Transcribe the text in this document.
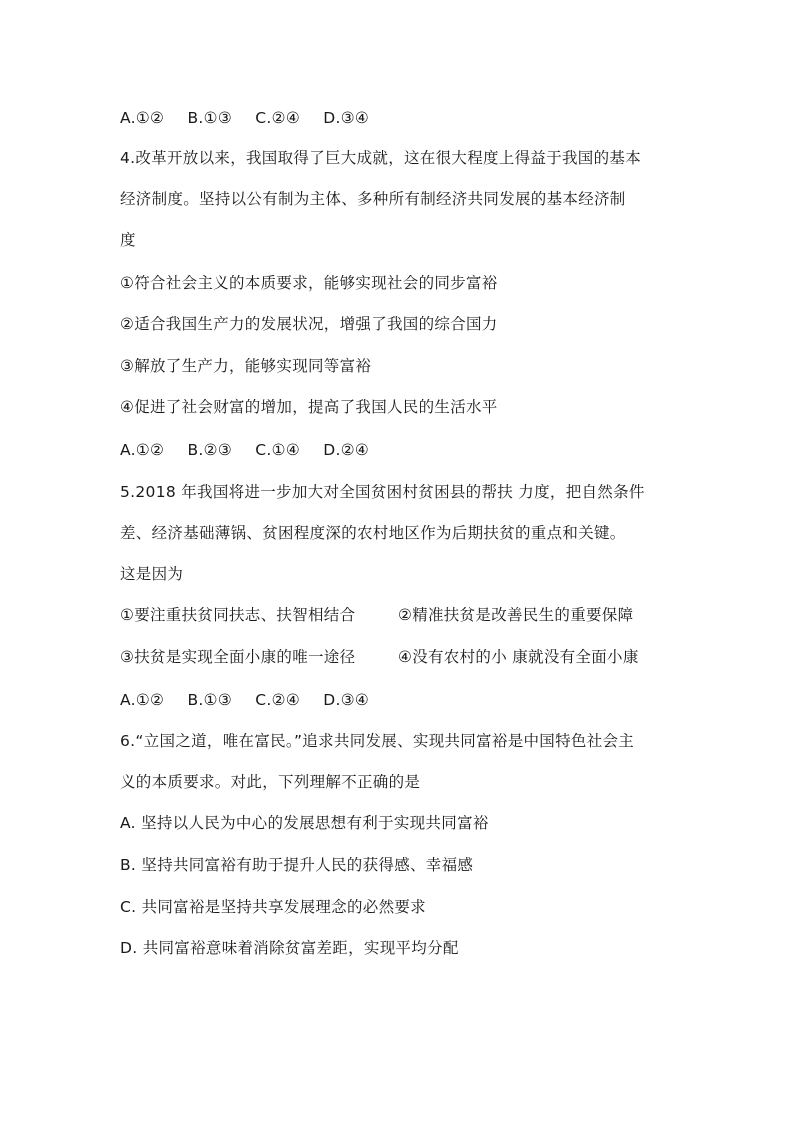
A.①② B.①③ C.②④ D.③④
4.改革开放以来，我国取得了巨大成就，这在很大程度上得益于我国的基本
经济制度。坚持以公有制为主体、多种所有制经济共同发展的基本经济制
度
①符合社会主义的本质要求，能够实现社会的同步富裕
②适合我国生产力的发展状况，增强了我国的综合国力
③解放了生产力，能够实现同等富裕
④促进了社会财富的增加，提高了我国人民的生活水平
A.①② B.②③ C.①④ D.②④
5.2018 年我国将进一步加大对全国贫困村贫困县的帮扶 力度，把自然条件
差、经济基础薄锅、贫困程度深的农村地区作为后期扶贫的重点和关键。
这是因为
①要注重扶贫同扶志、扶智相结合	②精准扶贫是改善民生的重要保障
③扶贫是实现全面小康的唯一途径	④没有农村的小 康就没有全面小康
A.①② B.①③ C.②④ D.③④
6.“立国之道，唯在富民。”追求共同发展、实现共同富裕是中国特色社会主
义的本质要求。对此，下列理解不正确的是
A. 坚持以人民为中心的发展思想有利于实现共同富裕
B. 坚持共同富裕有助于提升人民的获得感、幸福感
C. 共同富裕是坚持共享发展理念的必然要求
D. 共同富裕意味着消除贫富差距，实现平均分配
